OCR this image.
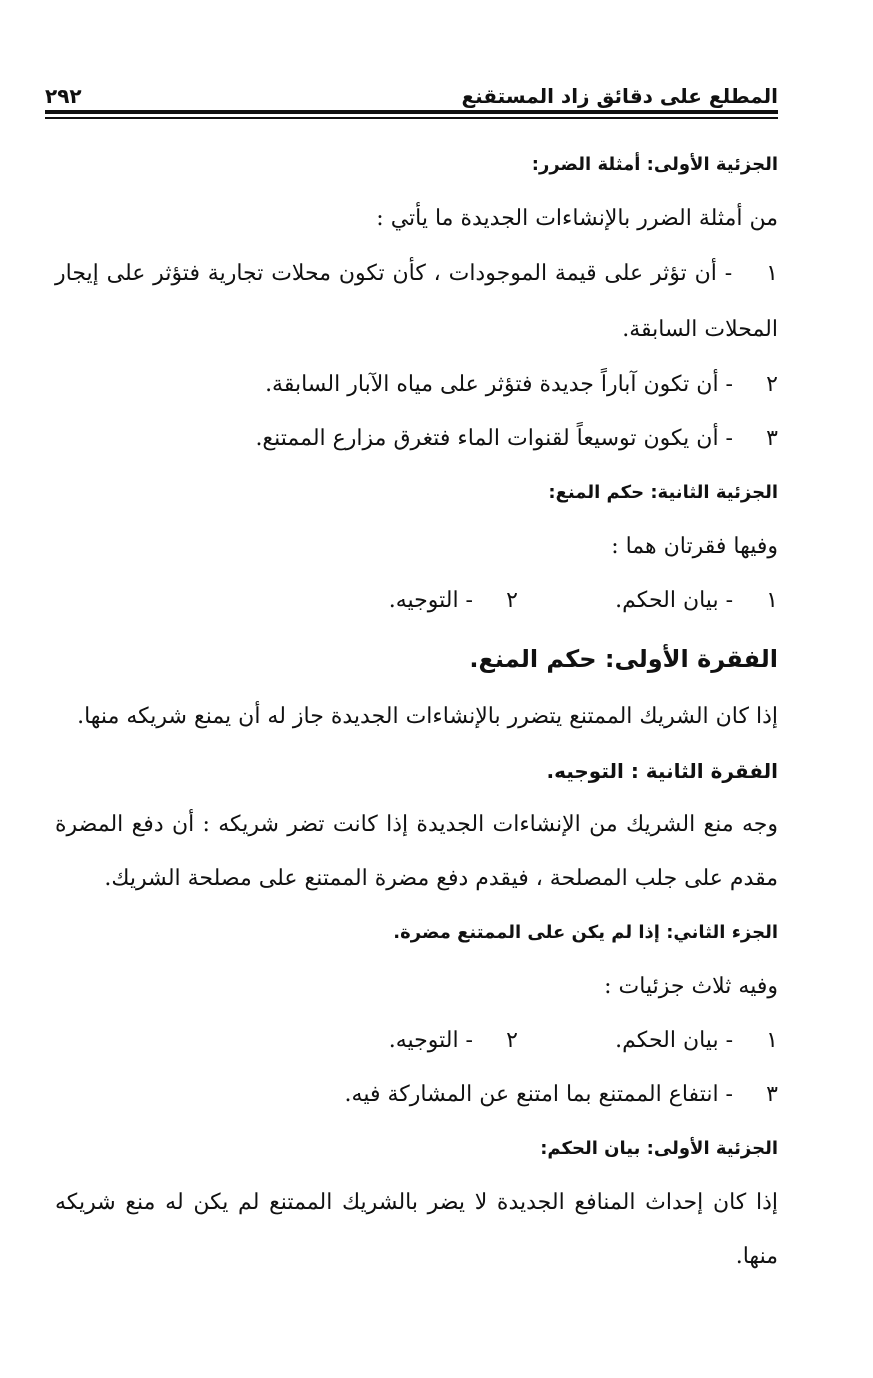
المطلع على دقائق زاد المستقنع
٢٩٢

الجزئية الأولى: أمثلة الضرر:

من أمثلة الضرر بالإنشاءات الجديدة ما يأتي :

١ - أن تؤثر على قيمة الموجودات ، كأن تكون محلات تجارية فتؤثر على إيجار المحلات السابقة.

٢ - أن تكون آباراً جديدة فتؤثر على مياه الآبار السابقة.

٣ - أن يكون توسيعاً لقنوات الماء فتغرق مزارع الممتنع.

الجزئية الثانية: حكم المنع:

وفيها فقرتان هما :

١ - بيان الحكم.
٢ - التوجيه.

الفقرة الأولى: حكم المنع.

إذا كان الشريك الممتنع يتضرر بالإنشاءات الجديدة جاز له أن يمنع شريكه منها.

الفقرة الثانية : التوجيه.

وجه منع الشريك من الإنشاءات الجديدة إذا كانت تضر شريكه : أن دفع المضرة مقدم على جلب المصلحة ، فيقدم دفع مضرة الممتنع على مصلحة الشريك.

الجزء الثاني: إذا لم يكن على الممتنع مضرة.

وفيه ثلاث جزئيات :

١ - بيان الحكم.
٢ - التوجيه.

٣ - انتفاع الممتنع بما امتنع عن المشاركة فيه.

الجزئية الأولى: بيان الحكم:

إذا كان إحداث المنافع الجديدة لا يضر بالشريك الممتنع لم يكن له منع شريكه منها.
